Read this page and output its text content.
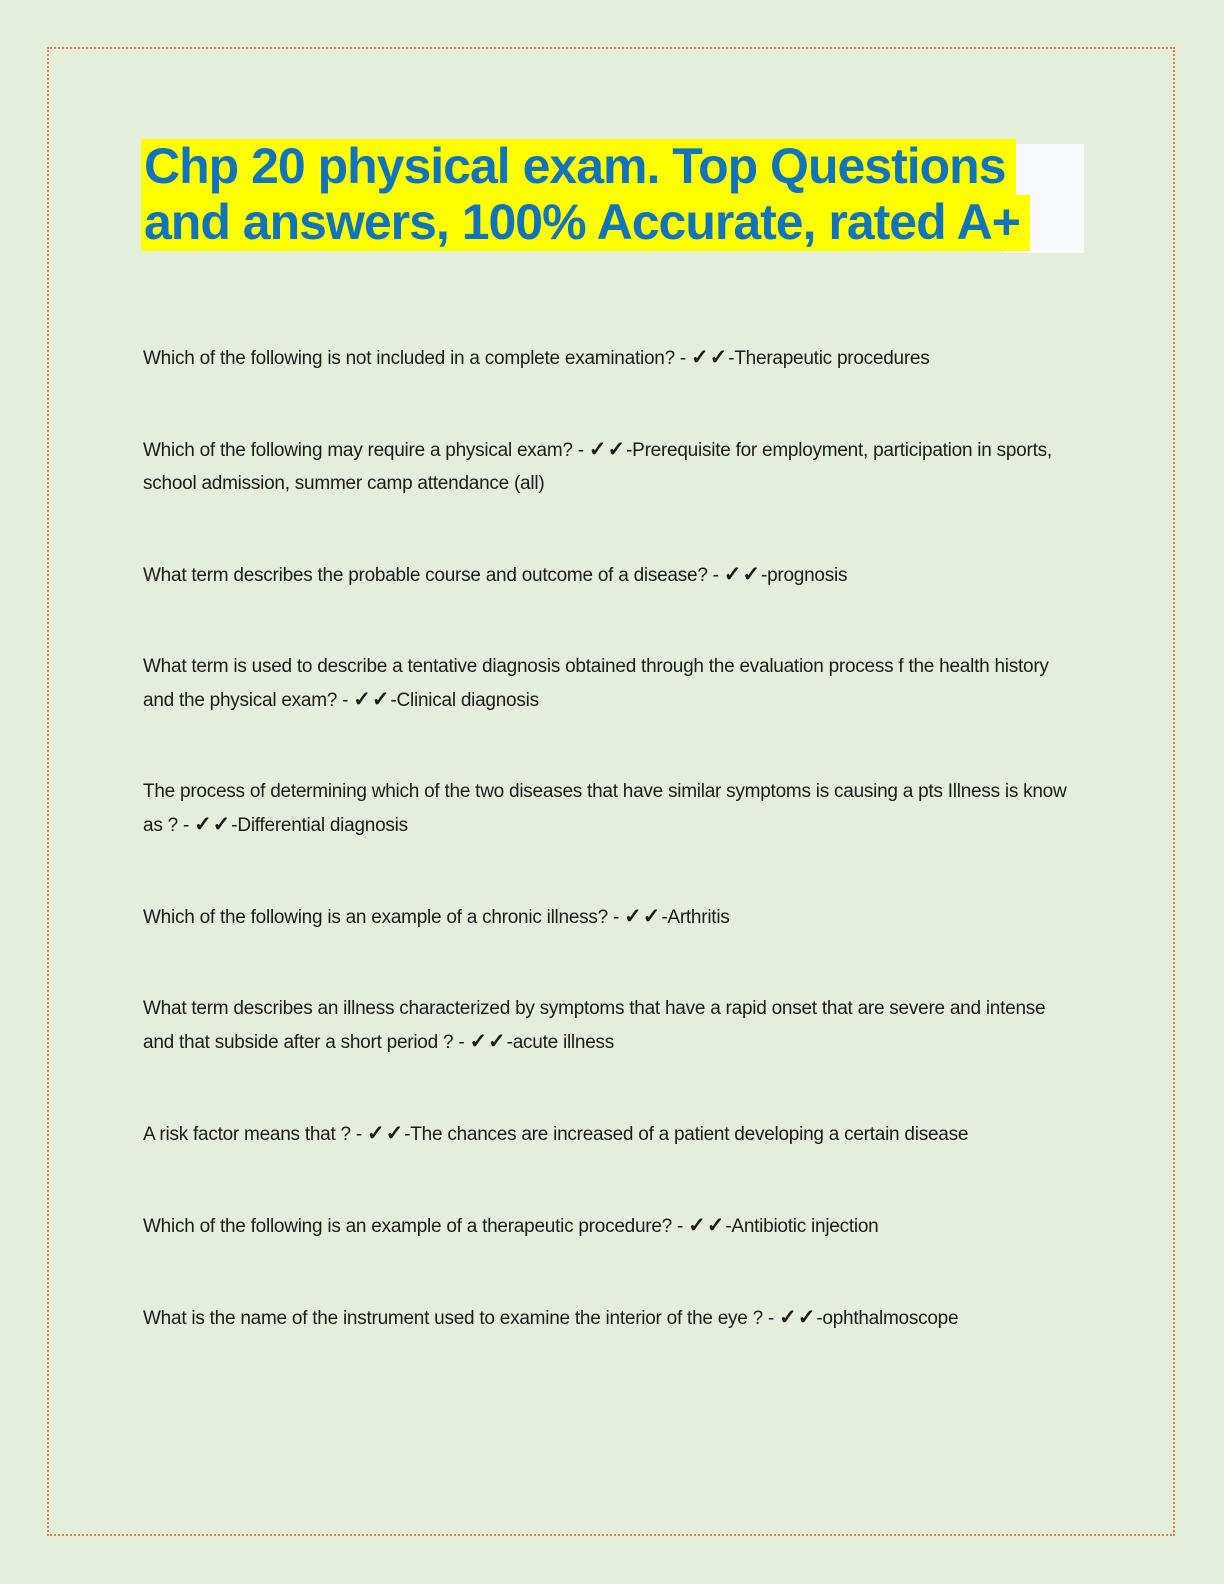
Chp 20 physical exam. Top Questions
and answers, 100% Accurate, rated A+

Which of the following is not included in a complete examination? - ✓✓-Therapeutic procedures

Which of the following may require a physical exam? - ✓✓-Prerequisite for employment, participation in sports, school admission, summer camp attendance (all)

What term describes the probable course and outcome of a disease? - ✓✓-prognosis

What term is used to describe a tentative diagnosis obtained through the evaluation process f the health history and the physical exam? - ✓✓-Clinical diagnosis

The process of determining which of the two diseases that have similar symptoms is causing a pts Illness is know as ? - ✓✓-Differential diagnosis

Which of the following is an example of a chronic illness? - ✓✓-Arthritis

What term describes an illness characterized by symptoms that have a rapid onset that are severe and intense and that subside after a short period ? - ✓✓-acute illness

A risk factor means that ? - ✓✓-The chances are increased of a patient developing a certain disease

Which of the following is an example of a therapeutic procedure? - ✓✓-Antibiotic injection

What is the name of the instrument used to examine the interior of the eye ? - ✓✓-ophthalmoscope
